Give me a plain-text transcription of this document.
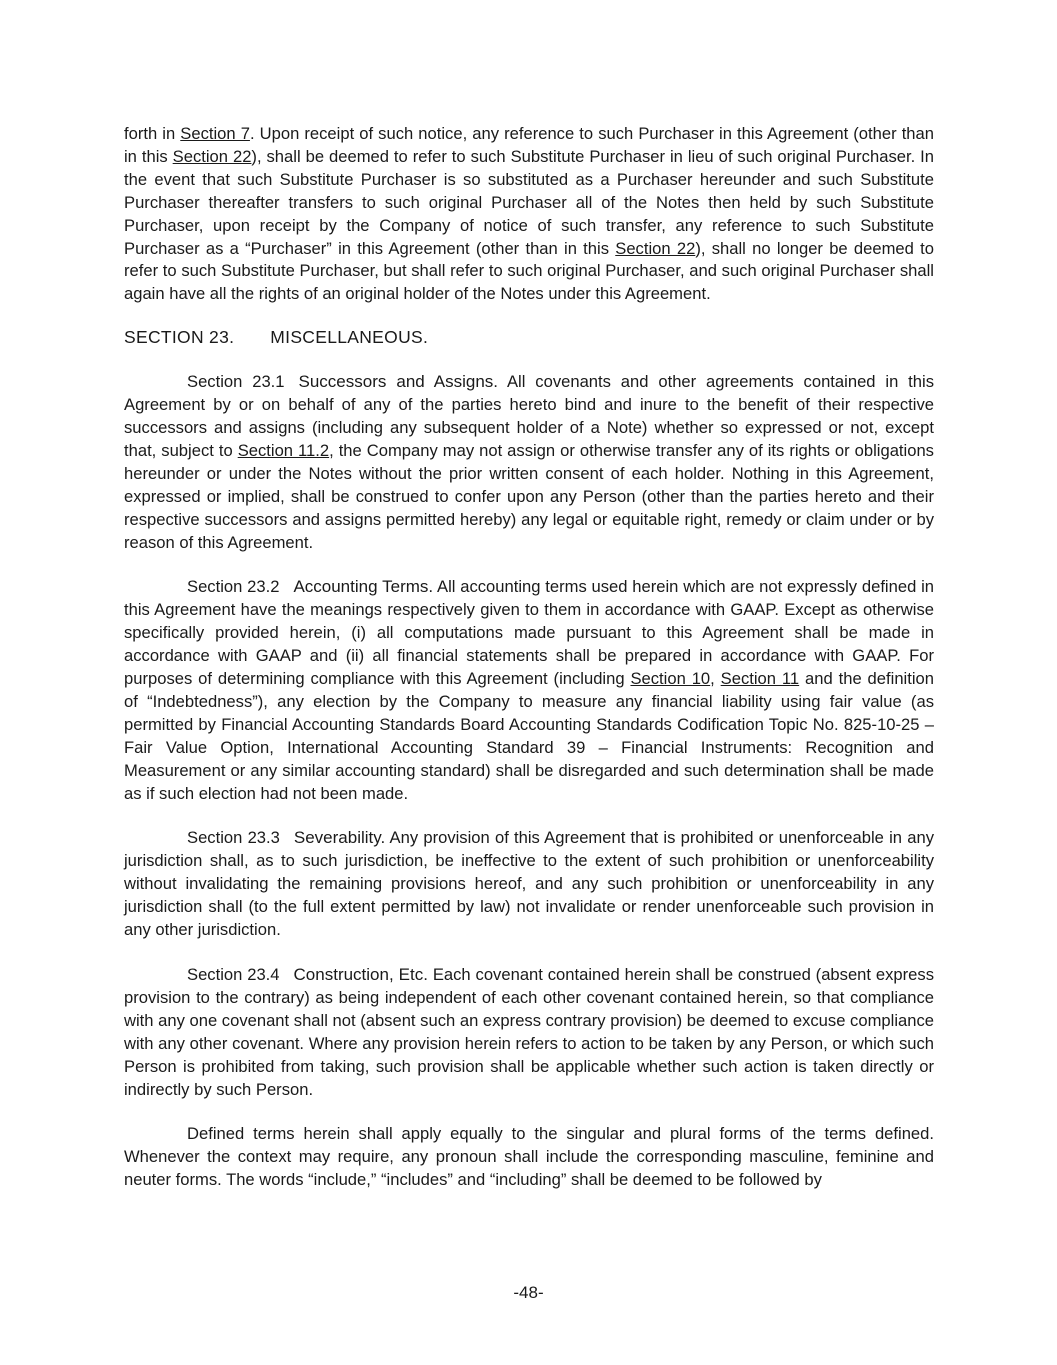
forth in Section 7. Upon receipt of such notice, any reference to such Purchaser in this Agreement (other than in this Section 22), shall be deemed to refer to such Substitute Purchaser in lieu of such original Purchaser. In the event that such Substitute Purchaser is so substituted as a Purchaser hereunder and such Substitute Purchaser thereafter transfers to such original Purchaser all of the Notes then held by such Substitute Purchaser, upon receipt by the Company of notice of such transfer, any reference to such Substitute Purchaser as a “Purchaser” in this Agreement (other than in this Section 22), shall no longer be deemed to refer to such Substitute Purchaser, but shall refer to such original Purchaser, and such original Purchaser shall again have all the rights of an original holder of the Notes under this Agreement.

SECTION 23. MISCELLANEOUS.

Section 23.1 Successors and Assigns. All covenants and other agreements contained in this Agreement by or on behalf of any of the parties hereto bind and inure to the benefit of their respective successors and assigns (including any subsequent holder of a Note) whether so expressed or not, except that, subject to Section 11.2, the Company may not assign or otherwise transfer any of its rights or obligations hereunder or under the Notes without the prior written consent of each holder. Nothing in this Agreement, expressed or implied, shall be construed to confer upon any Person (other than the parties hereto and their respective successors and assigns permitted hereby) any legal or equitable right, remedy or claim under or by reason of this Agreement.

Section 23.2 Accounting Terms. All accounting terms used herein which are not expressly defined in this Agreement have the meanings respectively given to them in accordance with GAAP. Except as otherwise specifically provided herein, (i) all computations made pursuant to this Agreement shall be made in accordance with GAAP and (ii) all financial statements shall be prepared in accordance with GAAP. For purposes of determining compliance with this Agreement (including Section 10, Section 11 and the definition of “Indebtedness”), any election by the Company to measure any financial liability using fair value (as permitted by Financial Accounting Standards Board Accounting Standards Codification Topic No. 825-10-25 – Fair Value Option, International Accounting Standard 39 – Financial Instruments: Recognition and Measurement or any similar accounting standard) shall be disregarded and such determination shall be made as if such election had not been made.

Section 23.3 Severability. Any provision of this Agreement that is prohibited or unenforceable in any jurisdiction shall, as to such jurisdiction, be ineffective to the extent of such prohibition or unenforceability without invalidating the remaining provisions hereof, and any such prohibition or unenforceability in any jurisdiction shall (to the full extent permitted by law) not invalidate or render unenforceable such provision in any other jurisdiction.

Section 23.4 Construction, Etc. Each covenant contained herein shall be construed (absent express provision to the contrary) as being independent of each other covenant contained herein, so that compliance with any one covenant shall not (absent such an express contrary provision) be deemed to excuse compliance with any other covenant. Where any provision herein refers to action to be taken by any Person, or which such Person is prohibited from taking, such provision shall be applicable whether such action is taken directly or indirectly by such Person.

Defined terms herein shall apply equally to the singular and plural forms of the terms defined. Whenever the context may require, any pronoun shall include the corresponding masculine, feminine and neuter forms. The words “include,” “includes” and “including” shall be deemed to be followed by

-48-
